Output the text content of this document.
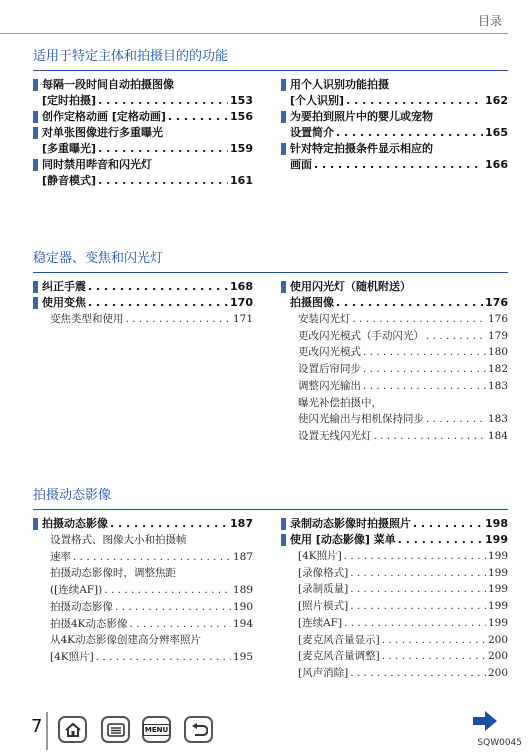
目录
适用于特定主体和拍摄目的的功能
每隔一段时间自动拍摄图像
[定时拍摄] . . .	153
创作定格动画 [定格动画] . . .	156
对单张图像进行多重曝光
[多重曝光] . . .	159
同时禁用哔音和闪光灯
[静音模式] . . .	161
用个人识别功能拍摄
[个人识别] . . .	162
为要拍到照片中的婴儿或宠物
设置简介 . . .	165
针对特定拍摄条件显示相应的
画面 . . .	166
稳定器、变焦和闪光灯
纠正手震 . . .	168
使用变焦 . . .	170
变焦类型和使用 . . .	171
使用闪光灯（随机附送）
拍摄图像 . . .	176
安装闪光灯 . . .	176
更改闪光模式（手动闪光） . . .	179
更改闪光模式 . . .	180
设置后帘同步 . . .	182
调整闪光输出 . . .	183
曝光补偿拍摄中，
使闪光输出与相机保持同步 . . .	183
设置无线闪光灯 . . .	184
拍摄动态影像
拍摄动态影像 . . .	187
设置格式、图像大小和拍摄帧
速率 . . .	187
拍摄动态影像时，调整焦距
([连续AF]) . . .	189
拍摄动态影像 . . .	190
拍摄4K动态影像 . . .	194
从4K动态影像创建高分辨率照片
[4K照片] . . .	195
录制动态影像时拍摄照片 . . .	198
使用 [动态影像] 菜单 . . .	199
[4K照片] . . .	199
[录像格式] . . .	199
[录制质量] . . .	199
[照片模式] . . .	199
[连续AF] . . .	199
[麦克风音量显示] . . .	200
[麦克风音量调整] . . .	200
[风声消除] . . .	200
7	MENU
SQW0045
